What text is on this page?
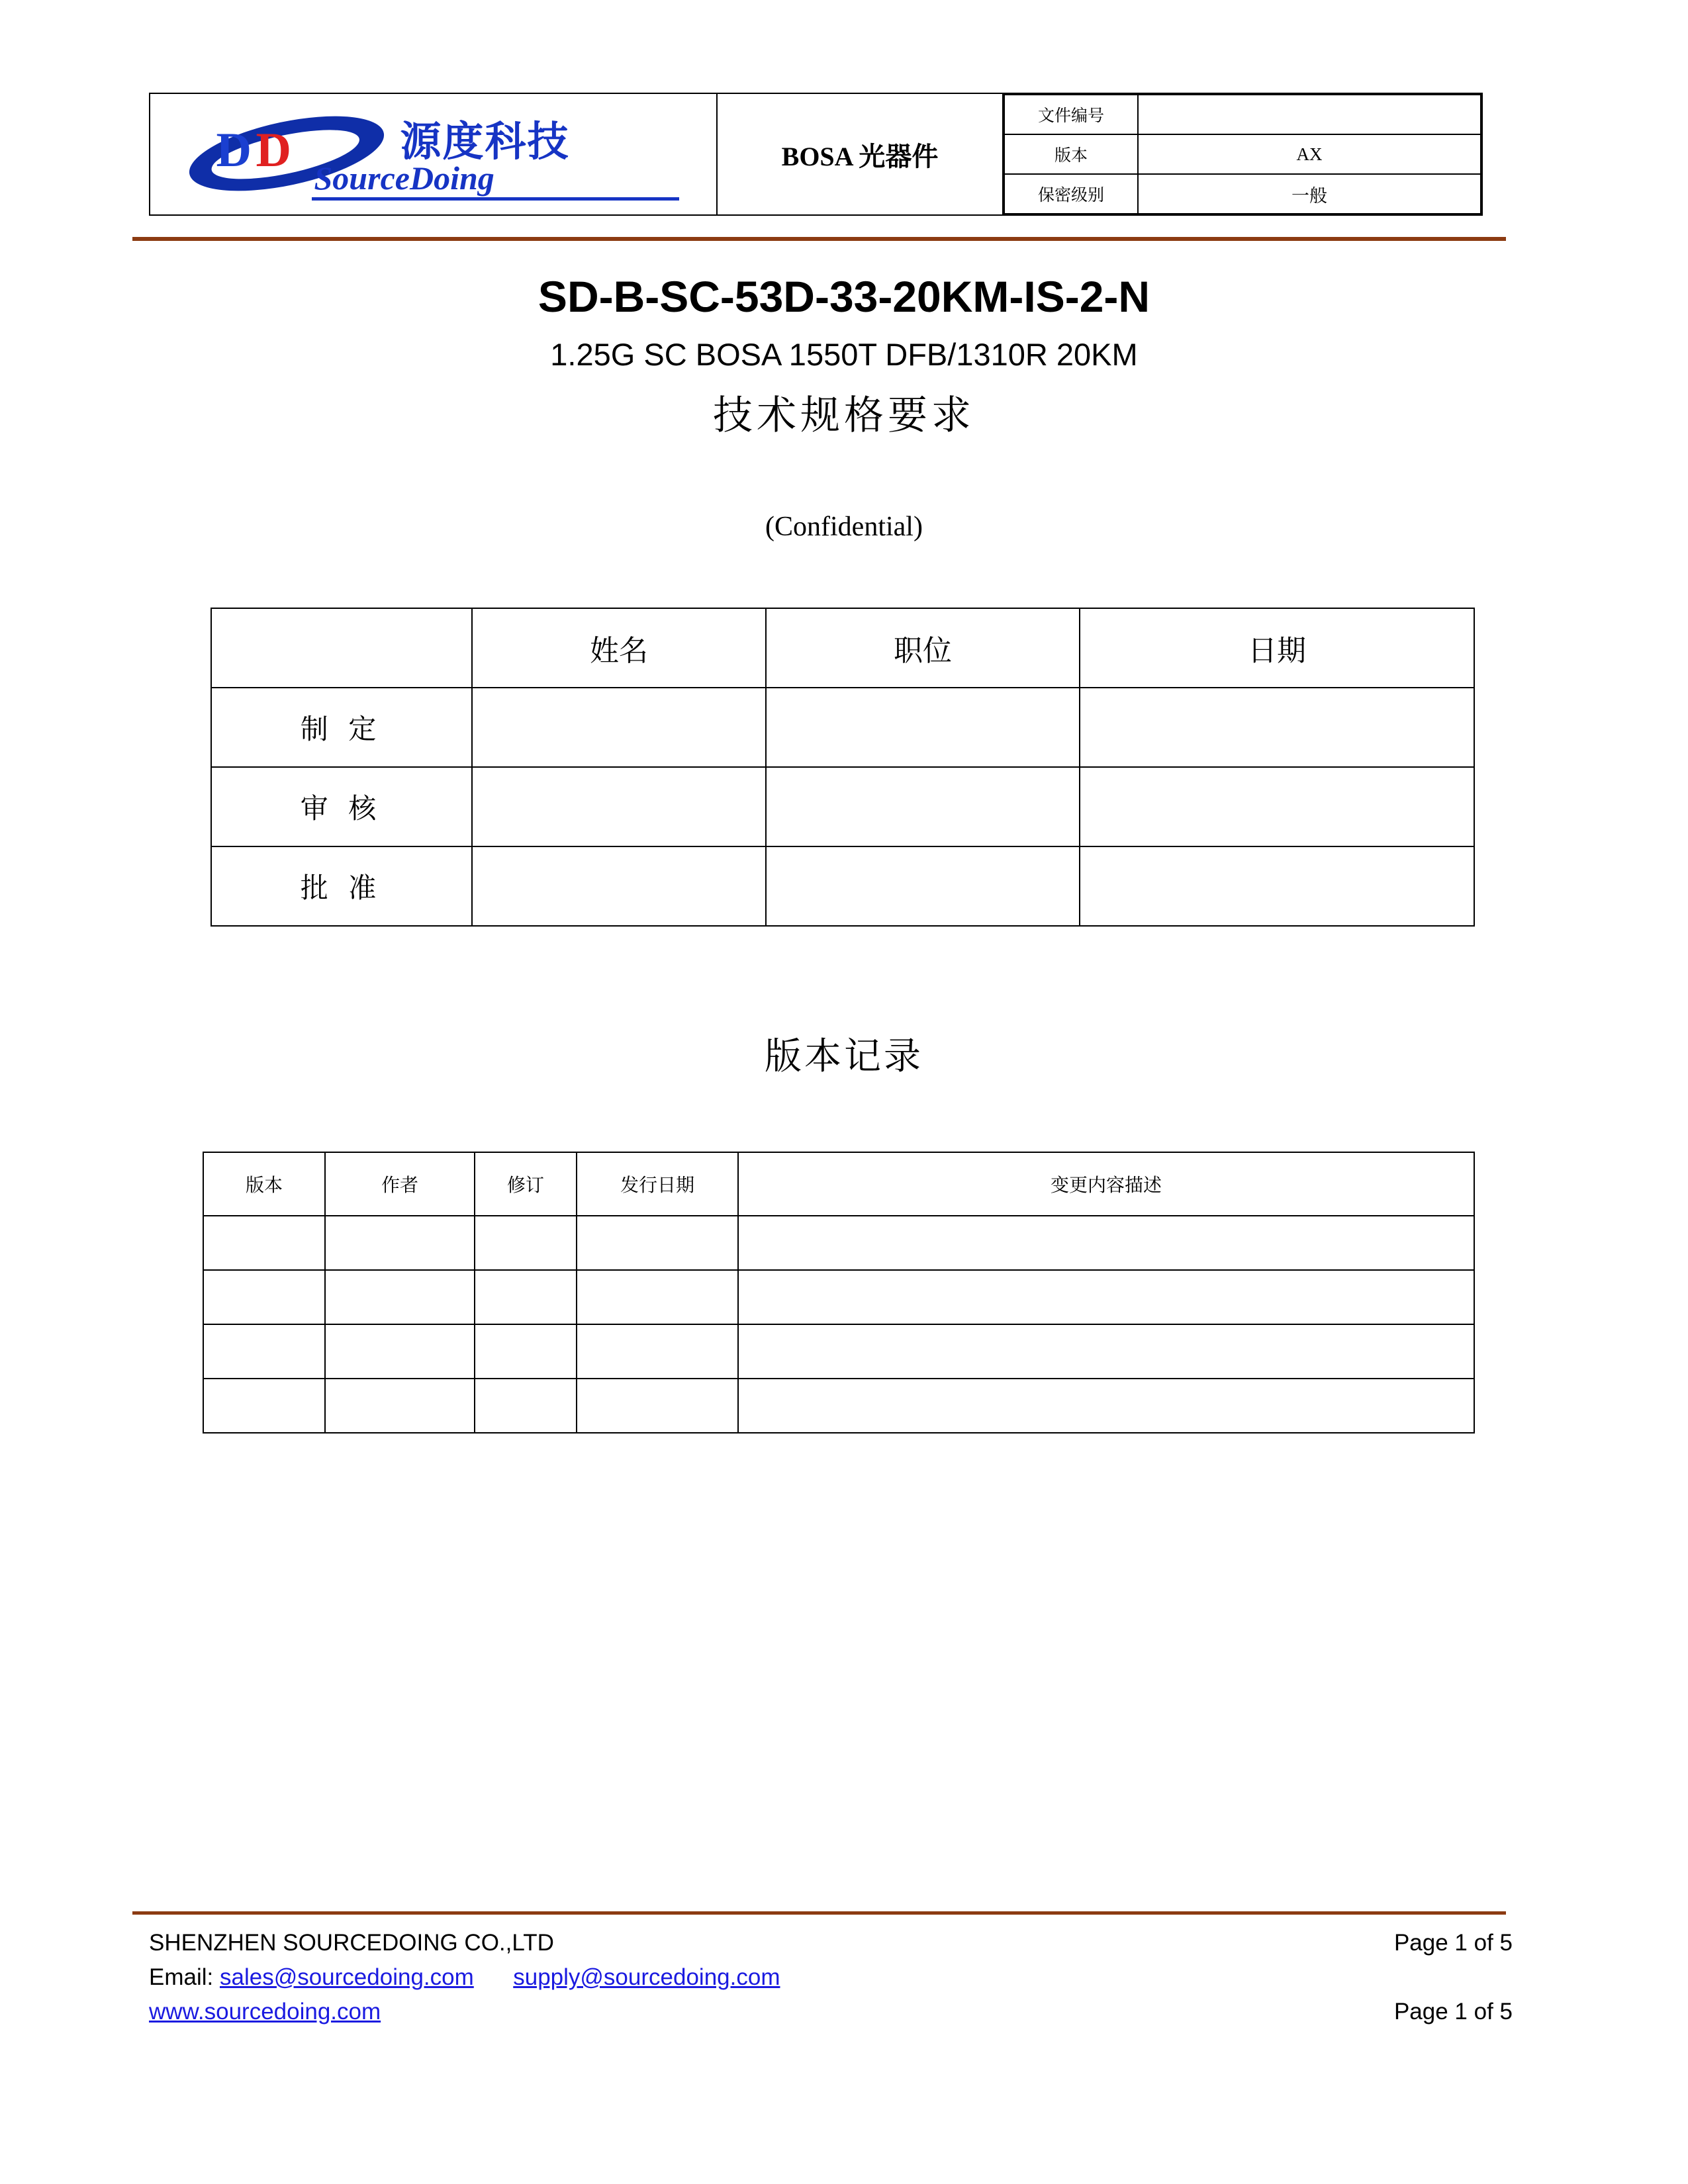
D D	源度科技
SourceDoing
	BOSA 光器件	
文件编号	
版本	AX
保密级别	一般
SD-B-SC-53D-33-20KM-IS-2-N
1.25G SC BOSA 1550T DFB/1310R 20KM
技术规格要求
(Confidential)
	姓名	职位	日期
制 定			
审 核			
批 准			
版本记录
版本	作者	修订	发行日期	变更内容描述

SHENZHEN SOURCEDOING CO.,LTD	Page 1 of 5
Email: sales@sourcedoing.com supply@sourcedoing.com
www.sourcedoing.com	Page 1 of 5
